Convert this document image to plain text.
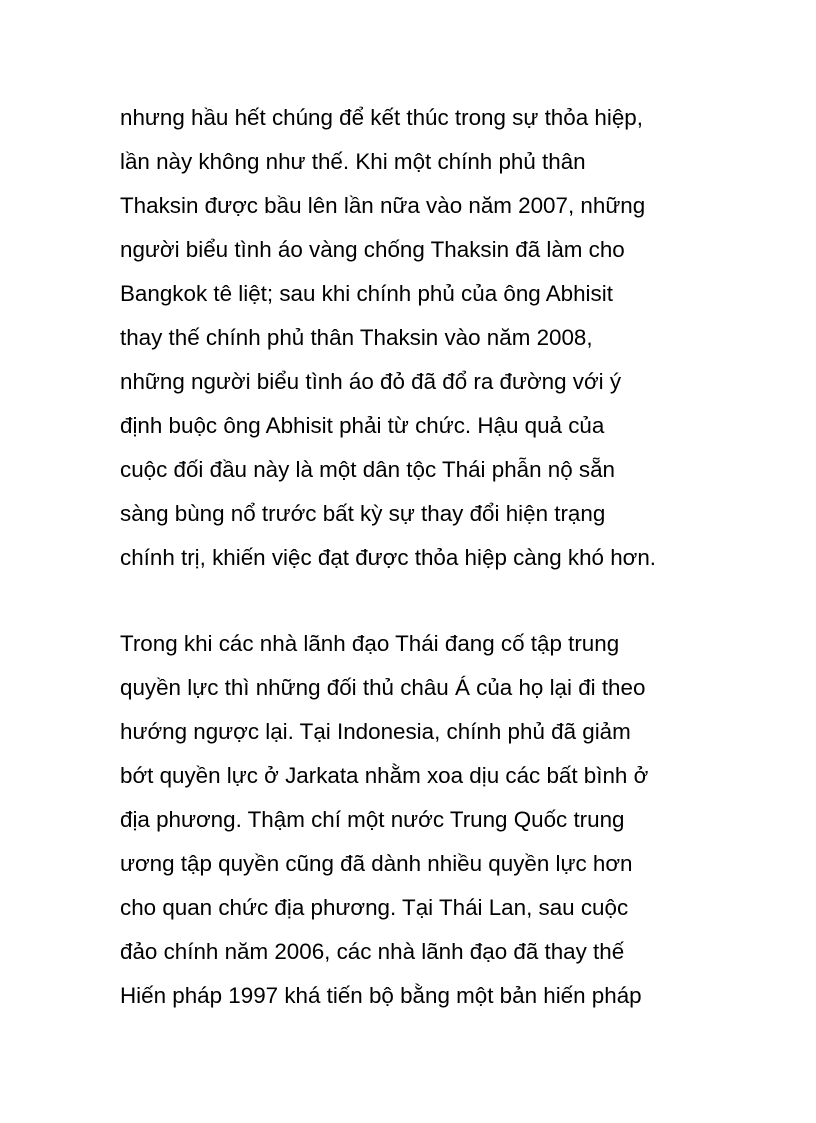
nhưng hầu hết chúng để kết thúc trong sự thỏa hiệp,
lần này không như thế. Khi một chính phủ thân
Thaksin được bầu lên lần nữa vào năm 2007, những
người biểu tình áo vàng chống Thaksin đã làm cho
Bangkok tê liệt; sau khi chính phủ của ông Abhisit
thay thế chính phủ thân Thaksin vào năm 2008,
những người biểu tình áo đỏ đã đổ ra đường với ý
định buộc ông Abhisit phải từ chức. Hậu quả của
cuộc đối đầu này là một dân tộc Thái phẫn nộ sẵn
sàng bùng nổ trước bất kỳ sự thay đổi hiện trạng
chính trị, khiến việc đạt được thỏa hiệp càng khó hơn.
Trong khi các nhà lãnh đạo Thái đang cố tập trung
quyền lực thì những đối thủ châu Á của họ lại đi theo
hướng ngược lại. Tại Indonesia, chính phủ đã giảm
bớt quyền lực ở Jarkata nhằm xoa dịu các bất bình ở
địa phương. Thậm chí một nước Trung Quốc trung
ương tập quyền cũng đã dành nhiều quyền lực hơn
cho quan chức địa phương. Tại Thái Lan, sau cuộc
đảo chính năm 2006, các nhà lãnh đạo đã thay thế
Hiến pháp 1997 khá tiến bộ bằng một bản hiến pháp
